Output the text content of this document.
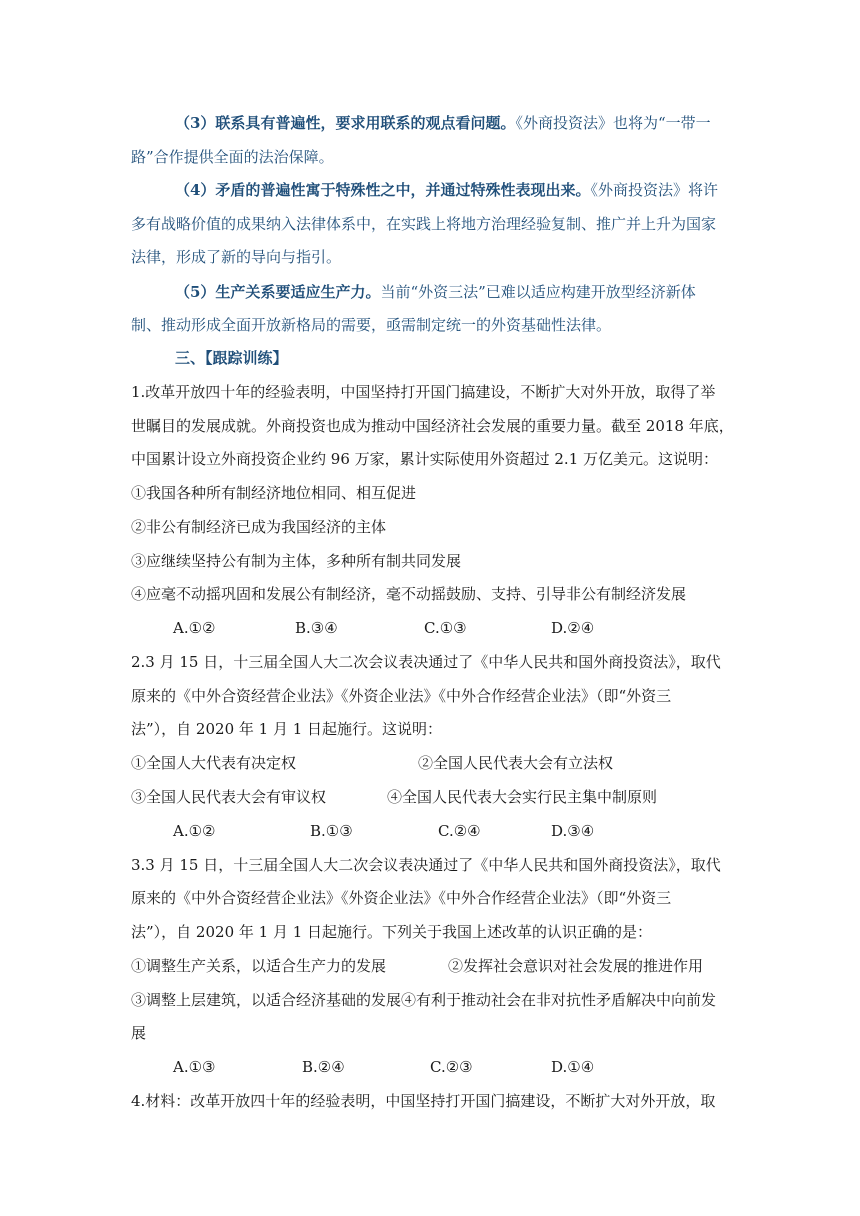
（3）联系具有普遍性，要求用联系的观点看问题。《外商投资法》也将为“一带一
路”合作提供全面的法治保障。
（4）矛盾的普遍性寓于特殊性之中，并通过特殊性表现出来。《外商投资法》将许
多有战略价值的成果纳入法律体系中，在实践上将地方治理经验复制、推广并上升为国家
法律，形成了新的导向与指引。
（5）生产关系要适应生产力。当前“外资三法”已难以适应构建开放型经济新体
制、推动形成全面开放新格局的需要，亟需制定统一的外资基础性法律。
三、【跟踪训练】
1.改革开放四十年的经验表明，中国坚持打开国门搞建设，不断扩大对外开放，取得了举
世瞩目的发展成就。外商投资也成为推动中国经济社会发展的重要力量。截至 2018 年底，
中国累计设立外商投资企业约 96 万家，累计实际使用外资超过 2.1 万亿美元。这说明：
①我国各种所有制经济地位相同、相互促进
②非公有制经济已成为我国经济的主体
③应继续坚持公有制为主体，多种所有制共同发展
④应毫不动摇巩固和发展公有制经济，毫不动摇鼓励、支持、引导非公有制经济发展
A.①②	B.③④	C.①③	D.②④
2.3 月 15 日，十三届全国人大二次会议表决通过了《中华人民共和国外商投资法》，取代
原来的《中外合资经营企业法》《外资企业法》《中外合作经营企业法》（即“外资三
法”），自 2020 年 1 月 1 日起施行。这说明：
①全国人大代表有决定权	②全国人民代表大会有立法权
③全国人民代表大会有审议权	④全国人民代表大会实行民主集中制原则
A.①②	B.①③	C.②④	D.③④
3.3 月 15 日，十三届全国人大二次会议表决通过了《中华人民共和国外商投资法》，取代
原来的《中外合资经营企业法》《外资企业法》《中外合作经营企业法》（即“外资三
法”），自 2020 年 1 月 1 日起施行。下列关于我国上述改革的认识正确的是：
①调整生产关系，以适合生产力的发展	②发挥社会意识对社会发展的推进作用
③调整上层建筑，以适合经济基础的发展④有利于推动社会在非对抗性矛盾解决中向前发
展
A.①③	B.②④	C.②③	D.①④
4.材料：改革开放四十年的经验表明，中国坚持打开国门搞建设，不断扩大对外开放，取
